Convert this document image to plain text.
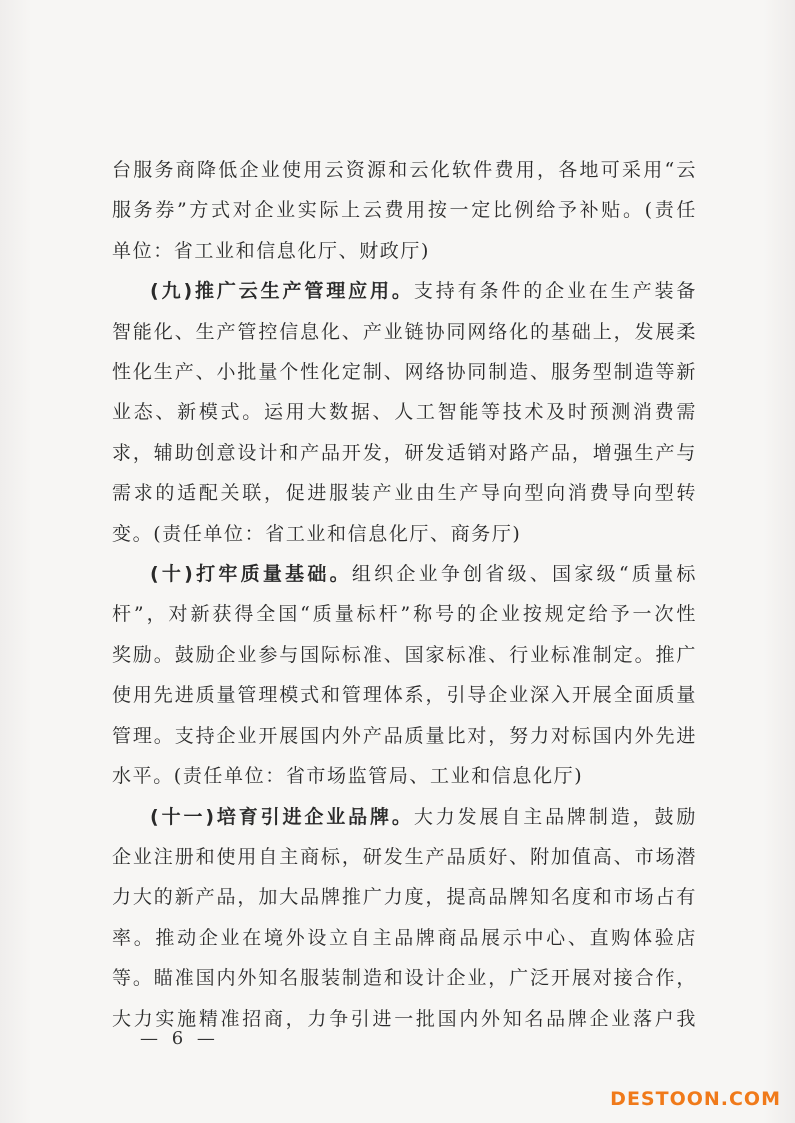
台服务商降低企业使用云资源和云化软件费用，各地可采用“云

服务券”方式对企业实际上云费用按一定比例给予补贴。(责任

单位：省工业和信息化厅、财政厅)

(九)推广云生产管理应用。支持有条件的企业在生产装备

智能化、生产管控信息化、产业链协同网络化的基础上，发展柔

性化生产、小批量个性化定制、网络协同制造、服务型制造等新

业态、新模式。运用大数据、人工智能等技术及时预测消费需

求，辅助创意设计和产品开发，研发适销对路产品，增强生产与

需求的适配关联，促进服装产业由生产导向型向消费导向型转

变。(责任单位：省工业和信息化厅、商务厅)

(十)打牢质量基础。组织企业争创省级、国家级“质量标

杆”，对新获得全国“质量标杆”称号的企业按规定给予一次性

奖励。鼓励企业参与国际标准、国家标准、行业标准制定。推广

使用先进质量管理模式和管理体系，引导企业深入开展全面质量

管理。支持企业开展国内外产品质量比对，努力对标国内外先进

水平。(责任单位：省市场监管局、工业和信息化厅)

(十一)培育引进企业品牌。大力发展自主品牌制造，鼓励

企业注册和使用自主商标，研发生产品质好、附加值高、市场潜

力大的新产品，加大品牌推广力度，提高品牌知名度和市场占有

率。推动企业在境外设立自主品牌商品展示中心、直购体验店

等。瞄准国内外知名服装制造和设计企业，广泛开展对接合作，

大力实施精准招商，力争引进一批国内外知名品牌企业落户我

— 6 —
DESTOON.COM
